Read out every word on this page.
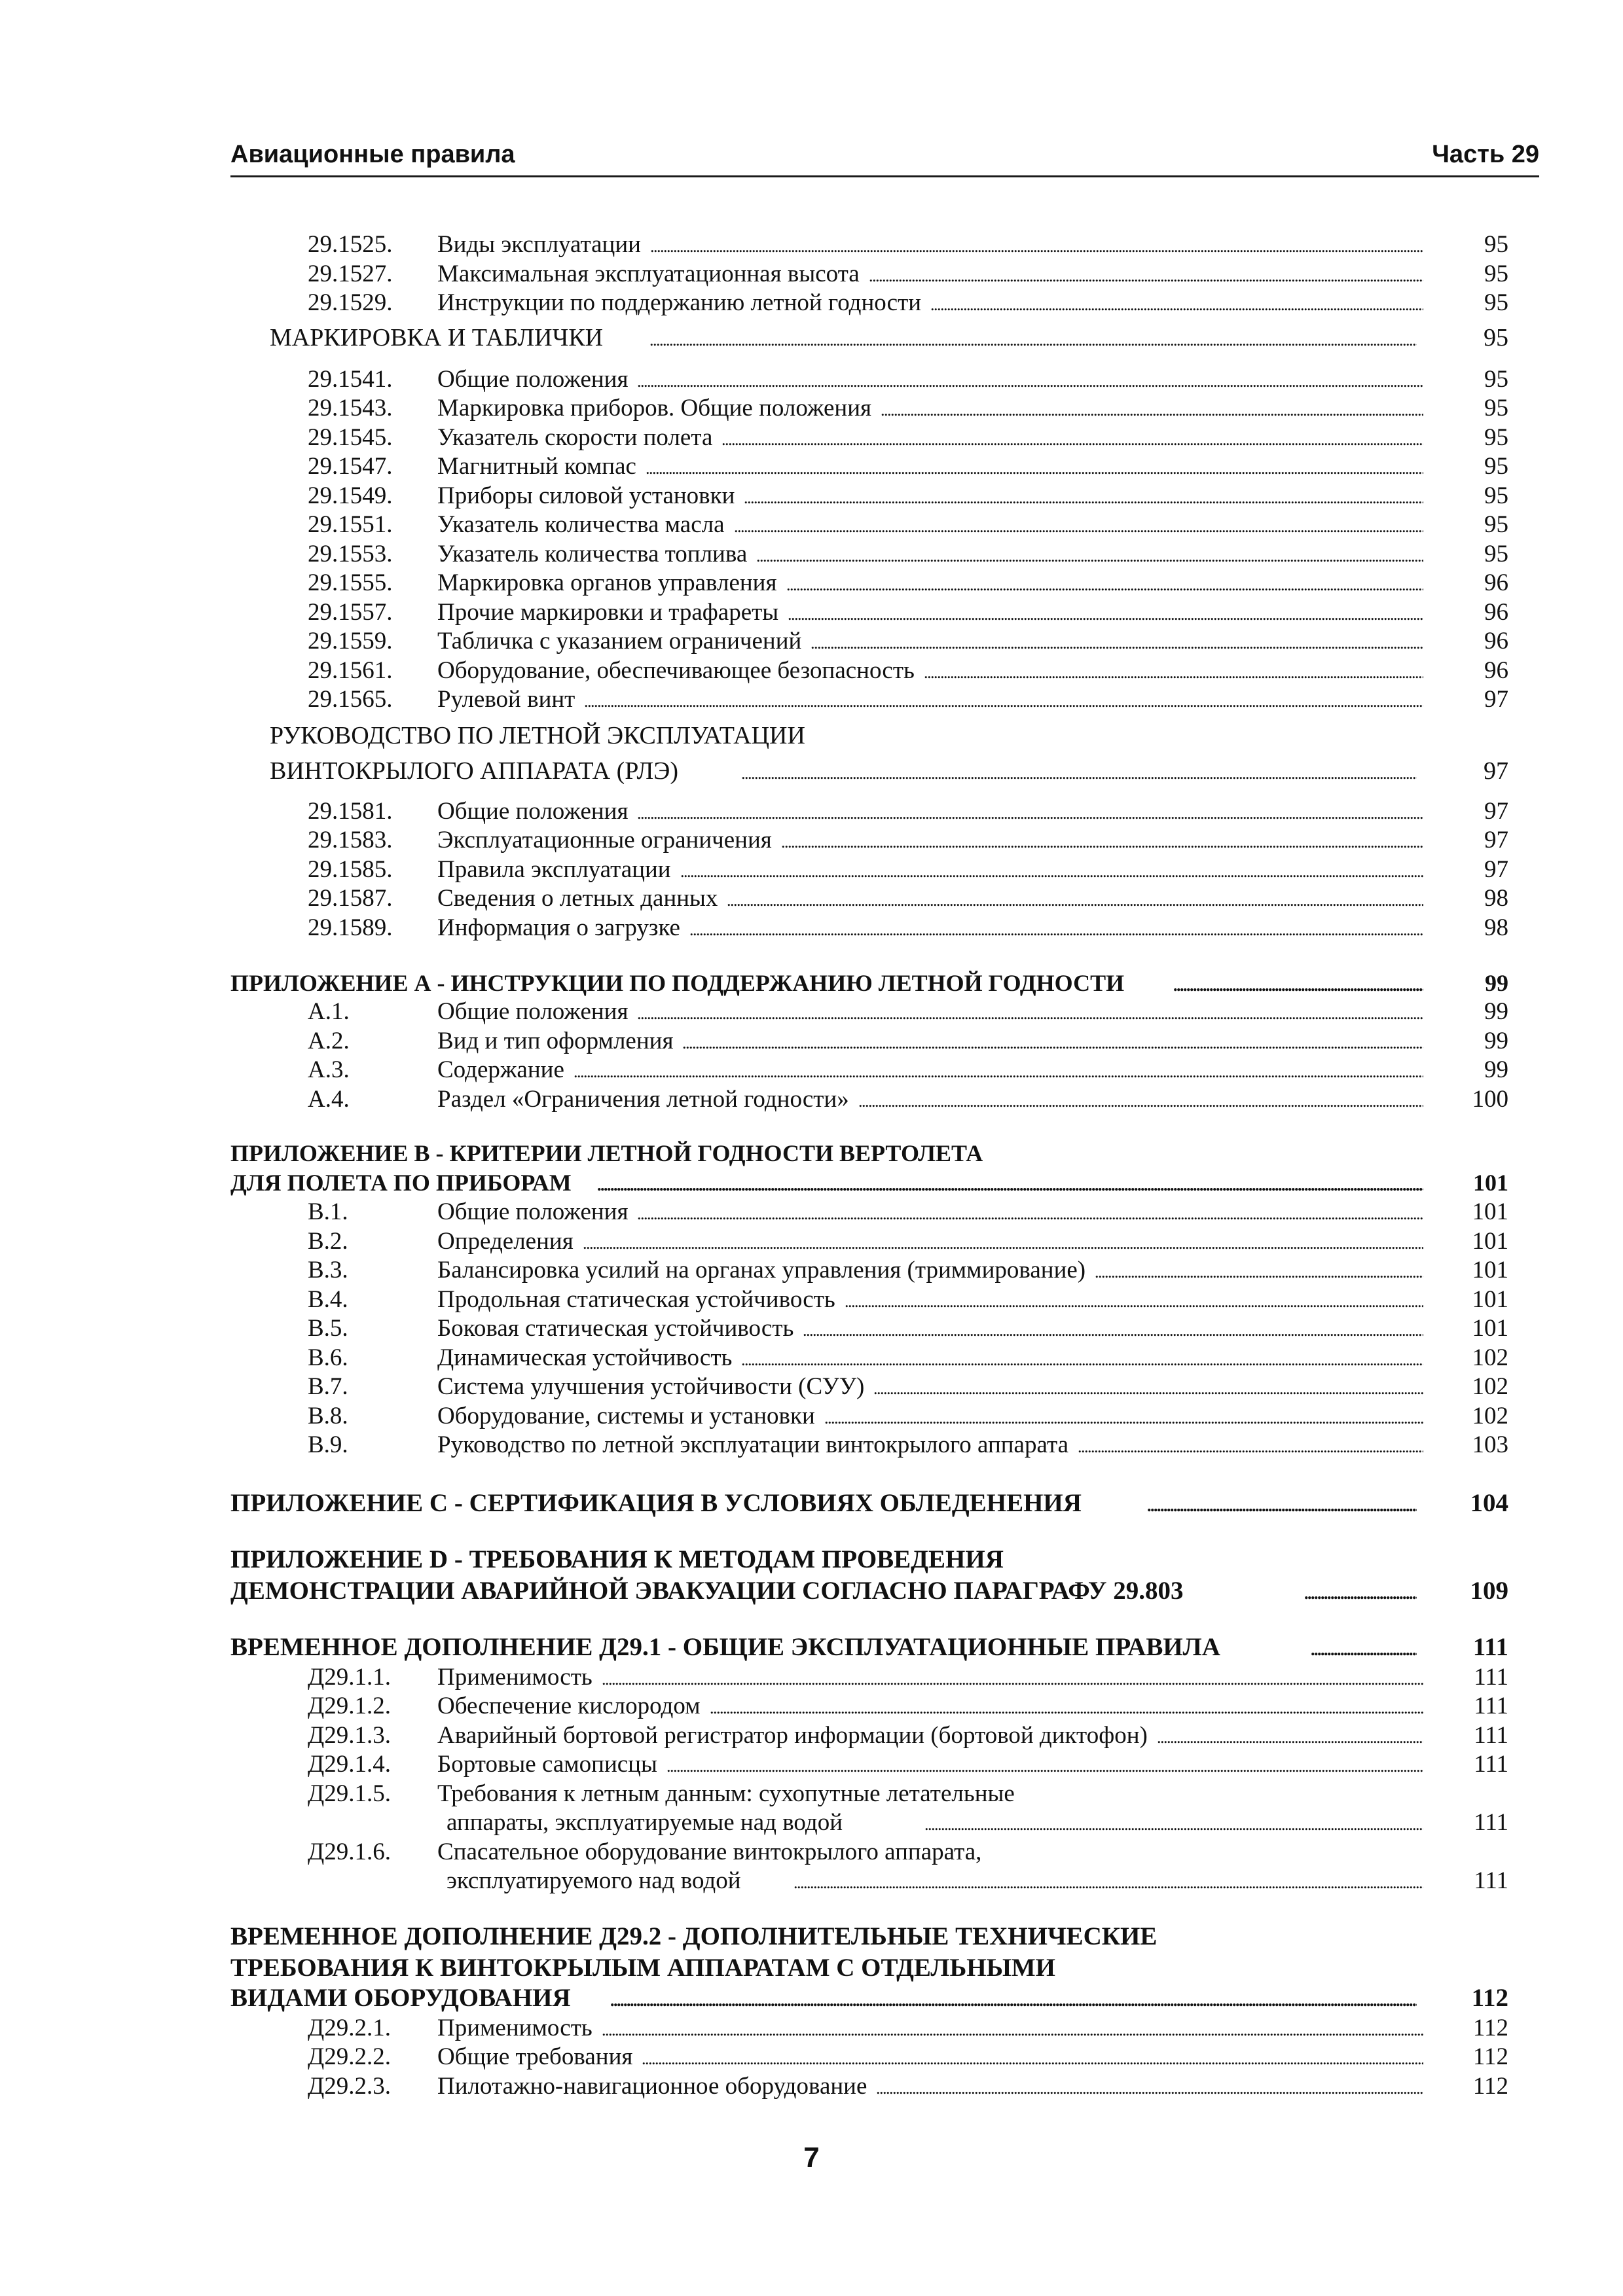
Авиационные правила	Часть 29
29.1525. Виды эксплуатации . . .	95
29.1527. Максимальная эксплуатационная высота . . .	95
29.1529. Инструкции по поддержанию летной годности . . .	95
МАРКИРОВКА И ТАБЛИЧКИ . . .	95
29.1541. Общие положения . . .	95
29.1543. Маркировка приборов. Общие положения . . .	95
29.1545. Указатель скорости полета . . .	95
29.1547. Магнитный компас . . .	95
29.1549. Приборы силовой установки . . .	95
29.1551. Указатель количества масла . . .	95
29.1553. Указатель количества топлива . . .	95
29.1555. Маркировка органов управления . . .	96
29.1557. Прочие маркировки и трафареты . . .	96
29.1559. Табличка с указанием ограничений . . .	96
29.1561. Оборудование, обеспечивающее безопасность . . .	96
29.1565. Рулевой винт . . .	97
РУКОВОДСТВО ПО ЛЕТНОЙ ЭКСПЛУАТАЦИИ
ВИНТОКРЫЛОГО АППАРАТА (РЛЭ) . . .	97
29.1581. Общие положения . . .	97
29.1583. Эксплуатационные ограничения . . .	97
29.1585. Правила эксплуатации . . .	97
29.1587. Сведения о летных данных . . .	98
29.1589. Информация о загрузке . . .	98
ПРИЛОЖЕНИЕ А - ИНСТРУКЦИИ ПО ПОДДЕРЖАНИЮ ЛЕТНОЙ ГОДНОСТИ . . .	99
A.1.	Общие положения . . .	99
A.2.	Вид и тип оформления . . .	99
A.3.	Содержание . . .	99
A.4.	Раздел «Ограничения летной годности» . . .	100
ПРИЛОЖЕНИЕ В - КРИТЕРИИ ЛЕТНОЙ ГОДНОСТИ ВЕРТОЛЕТА
ДЛЯ ПОЛЕТА ПО ПРИБОРАМ . . .	101
B.1.	Общие положения . . .	101
B.2.	Определения . . .	101
B.3.	Балансировка усилий на органах управления (триммирование) . . .	101
B.4.	Продольная статическая устойчивость . . .	101
B.5.	Боковая статическая устойчивость . . .	101
B.6.	Динамическая устойчивость . . .	102
B.7.	Система улучшения устойчивости (СУУ) . . .	102
B.8.	Оборудование, системы и установки . . .	102
B.9.	Руководство по летной эксплуатации винтокрылого аппарата . . .	103
ПРИЛОЖЕНИЕ С - СЕРТИФИКАЦИЯ В УСЛОВИЯХ ОБЛЕДЕНЕНИЯ . . .	104
ПРИЛОЖЕНИЕ D - ТРЕБОВАНИЯ К МЕТОДАМ ПРОВЕДЕНИЯ
ДЕМОНСТРАЦИИ АВАРИЙНОЙ ЭВАКУАЦИИ СОГЛАСНО ПАРАГРАФУ 29.803 . . .	109
ВРЕМЕННОЕ ДОПОЛНЕНИЕ Д29.1 - ОБЩИЕ ЭКСПЛУАТАЦИОННЫЕ ПРАВИЛА . . .	111
Д29.1.1. Применимость . . .	111
Д29.1.2. Обеспечение кислородом . . .	111
Д29.1.3. Аварийный бортовой регистратор информации (бортовой диктофон) . . .	111
Д29.1.4. Бортовые самописцы . . .	111
Д29.1.5. Требования к летным данным: сухопутные летательные
аппараты, эксплуатируемые над водой . . .	111
Д29.1.6. Спасательное оборудование винтокрылого аппарата,
эксплуатируемого над водой . . .	111
ВРЕМЕННОЕ ДОПОЛНЕНИЕ Д29.2 - ДОПОЛНИТЕЛЬНЫЕ ТЕХНИЧЕСКИЕ
ТРЕБОВАНИЯ К ВИНТОКРЫЛЫМ АППАРАТАМ С ОТДЕЛЬНЫМИ
ВИДАМИ ОБОРУДОВАНИЯ . . .	112
Д29.2.1. Применимость . . .	112
Д29.2.2. Общие требования . . .	112
Д29.2.3. Пилотажно-навигационное оборудование . . .	112
7
